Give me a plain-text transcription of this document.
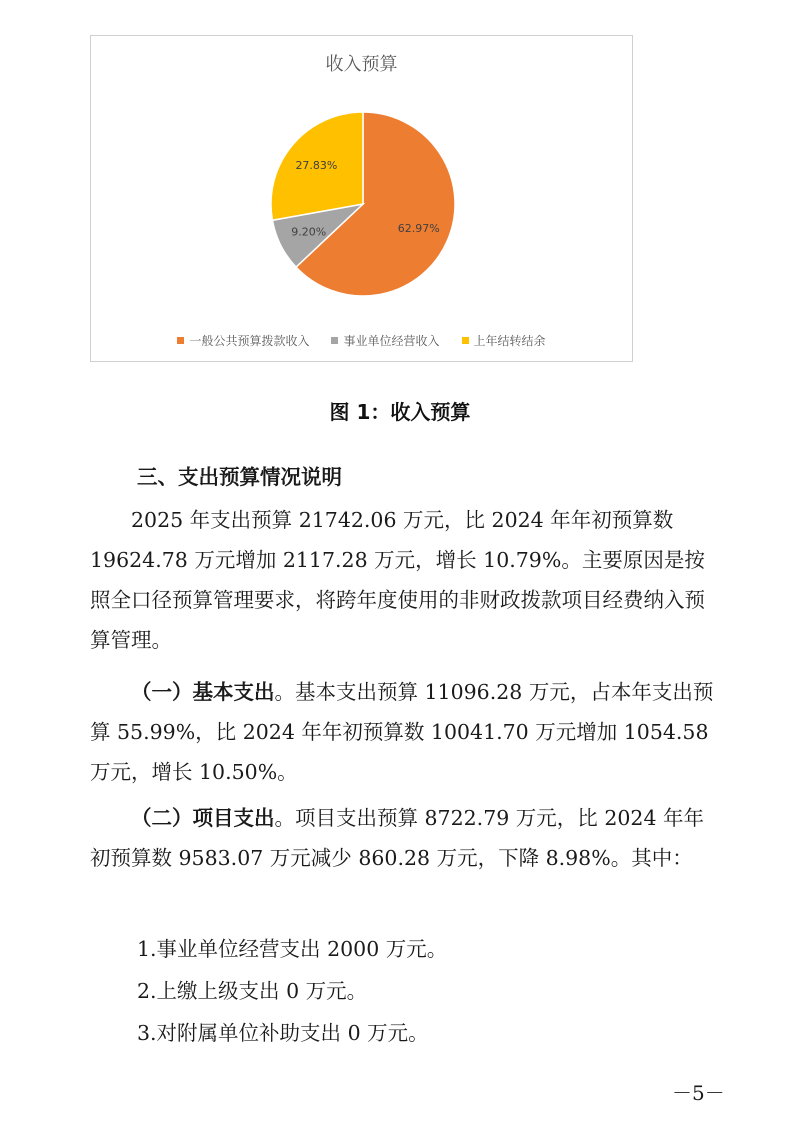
收入预算
62.97%
9.20%
27.83%
一般公共预算拨款收入	事业单位经营收入	上年结转结余
图 1：收入预算
三、支出预算情况说明
2025 年支出预算 21742.06 万元，比 2024 年年初预算数 19624.78 万元增加 2117.28 万元，增长 10.79%。主要原因是按照全口径预算管理要求，将跨年度使用的非财政拨款项目经费纳入预算管理。
（一）基本支出。基本支出预算 11096.28 万元，占本年支出预算 55.99%，比 2024 年年初预算数 10041.70 万元增加 1054.58 万元，增长 10.50%。
（二）项目支出。项目支出预算 8722.79 万元，比 2024 年年初预算数 9583.07 万元减少 860.28 万元，下降 8.98%。其中：
1.事业单位经营支出 2000 万元。
2.上缴上级支出 0 万元。
3.对附属单位补助支出 0 万元。
－5－
